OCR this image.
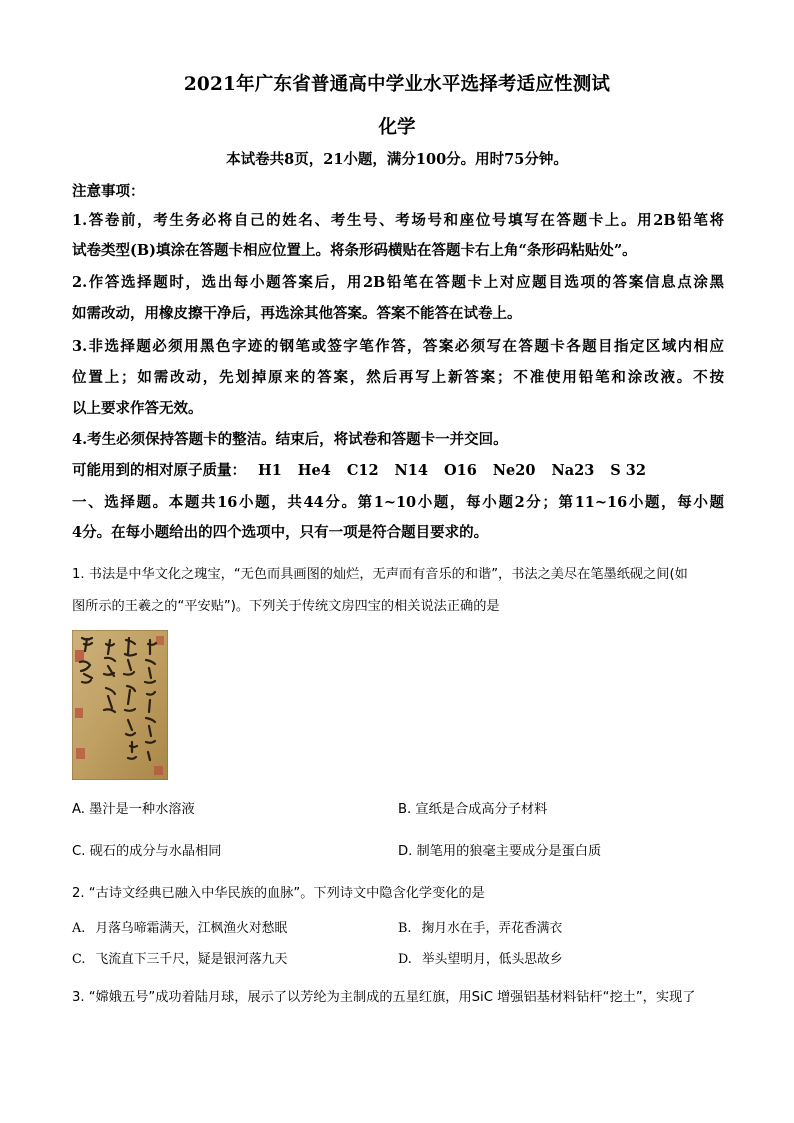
2021年广东省普通高中学业水平选择考适应性测试
化学
本试卷共8页，21小题，满分100分。用时75分钟。
注意事项：
1.答卷前，考生务必将自己的姓名、考生号、考场号和座位号填写在答题卡上。用2B铅笔将
试卷类型(B)填涂在答题卡相应位置上。将条形码横贴在答题卡右上角“条形码粘贴处”。
2.作答选择题时，选出每小题答案后，用2B铅笔在答题卡上对应题目选项的答案信息点涂黑
如需改动，用橡皮擦干净后，再选涂其他答案。答案不能答在试卷上。
3.非选择题必须用黑色字迹的钢笔或签字笔作答，答案必须写在答题卡各题目指定区域内相应
位置上；如需改动，先划掉原来的答案，然后再写上新答案；不准使用铅笔和涂改液。不按
以上要求作答无效。
4.考生必须保持答题卡的整洁。结束后，将试卷和答题卡一并交回。
可能用到的相对原子质量： H1 He4 C12 N14 O16 Ne20 Na23 S 32
一、选择题。本题共16小题，共44分。第1~10小题，每小题2分；第11~16小题，每小题
4分。在每小题给出的四个选项中，只有一项是符合题目要求的。
1. 书法是中华文化之瑰宝，“无色而具画图的灿烂，无声而有音乐的和谐”，书法之美尽在笔墨纸砚之间(如
图所示的王羲之的“平安贴”)。下列关于传统文房四宝的相关说法正确的是
A. 墨汁是一种水溶液	B. 宣纸是合成高分子材料
C. 砚石的成分与水晶相同	D. 制笔用的狼毫主要成分是蛋白质
2. “古诗文经典已融入中华民族的血脉”。下列诗文中隐含化学变化的是
A. 月落乌啼霜满天，江枫渔火对愁眠	B. 掬月水在手，弄花香满衣
C. 飞流直下三千尺，疑是银河落九天	D. 举头望明月，低头思故乡
3. “嫦娥五号”成功着陆月球，展示了以芳纶为主制成的五星红旗，用SiC 增强铝基材料钻杆“挖土”，实现了
